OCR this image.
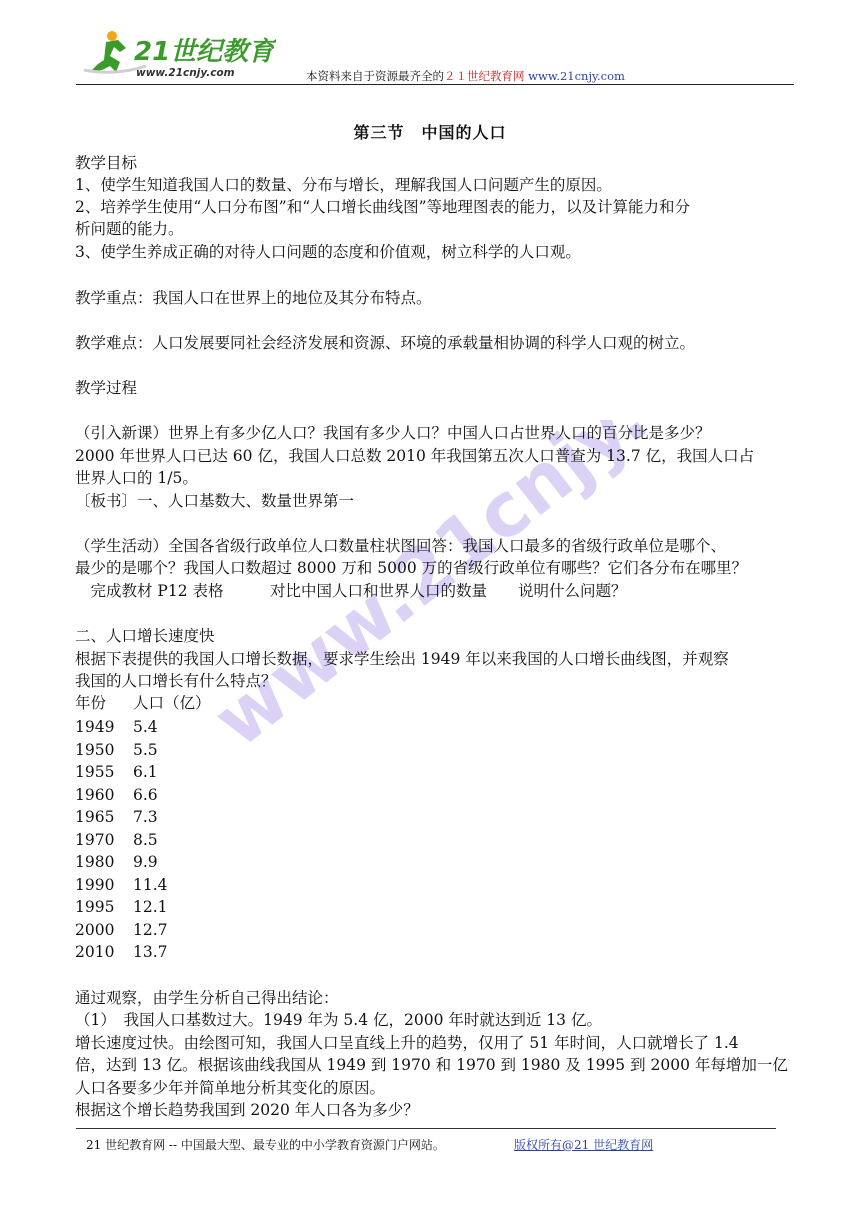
21世纪教育
www.21cnjy.com	本资料来自于资源最齐全的２１世纪教育网 www.21cnjy.com
www.21cnjy.com
第三节　中国的人口
教学目标
1、使学生知道我国人口的数量、分布与增长，理解我国人口问题产生的原因。
2、培养学生使用“人口分布图”和“人口增长曲线图”等地理图表的能力，以及计算能力和分
析问题的能力。
3、使学生养成正确的对待人口问题的态度和价值观，树立科学的人口观。
教学重点：我国人口在世界上的地位及其分布特点。
教学难点：人口发展要同社会经济发展和资源、环境的承载量相协调的科学人口观的树立。
教学过程
（引入新课）世界上有多少亿人口？我国有多少人口？中国人口占世界人口的百分比是多少？
2000 年世界人口已达 60 亿，我国人口总数 2010 年我国第五次人口普查为 13.7 亿，我国人口占
世界人口的 1/5。
〔板书〕一、人口基数大、数量世界第一
（学生活动）全国各省级行政单位人口数量柱状图回答：我国人口最多的省级行政单位是哪个、
最少的是哪个？我国人口数超过 8000 万和 5000 万的省级行政单位有哪些？它们各分布在哪里？
　完成教材 P12 表格　　　对比中国人口和世界人口的数量　　说明什么问题？
二、人口增长速度快
根据下表提供的我国人口增长数据，要求学生绘出 1949 年以来我国的人口增长曲线图，并观察
我国的人口增长有什么特点？
年份 人口（亿）
1949 5.4
1950 5.5
1955 6.1
1960 6.6
1965 7.3
1970 8.5
1980 9.9
1990 11.4
1995 12.1
2000 12.7
2010 13.7
通过观察，由学生分析自己得出结论：
（1）　我国人口基数过大。1949 年为 5.4 亿，2000 年时就达到近 13 亿。
增长速度过快。由绘图可知，我国人口呈直线上升的趋势，仅用了 51 年时间，人口就增长了 1.4
倍，达到 13 亿。根据该曲线我国从 1949 到 1970 和 1970 到 1980 及 1995 到 2000 年每增加一亿
人口各要多少年并简单地分析其变化的原因。
根据这个增长趋势我国到 2020 年人口各为多少？
21 世纪教育网 -- 中国最大型、最专业的中小学教育资源门户网站。	版权所有@21 世纪教育网
